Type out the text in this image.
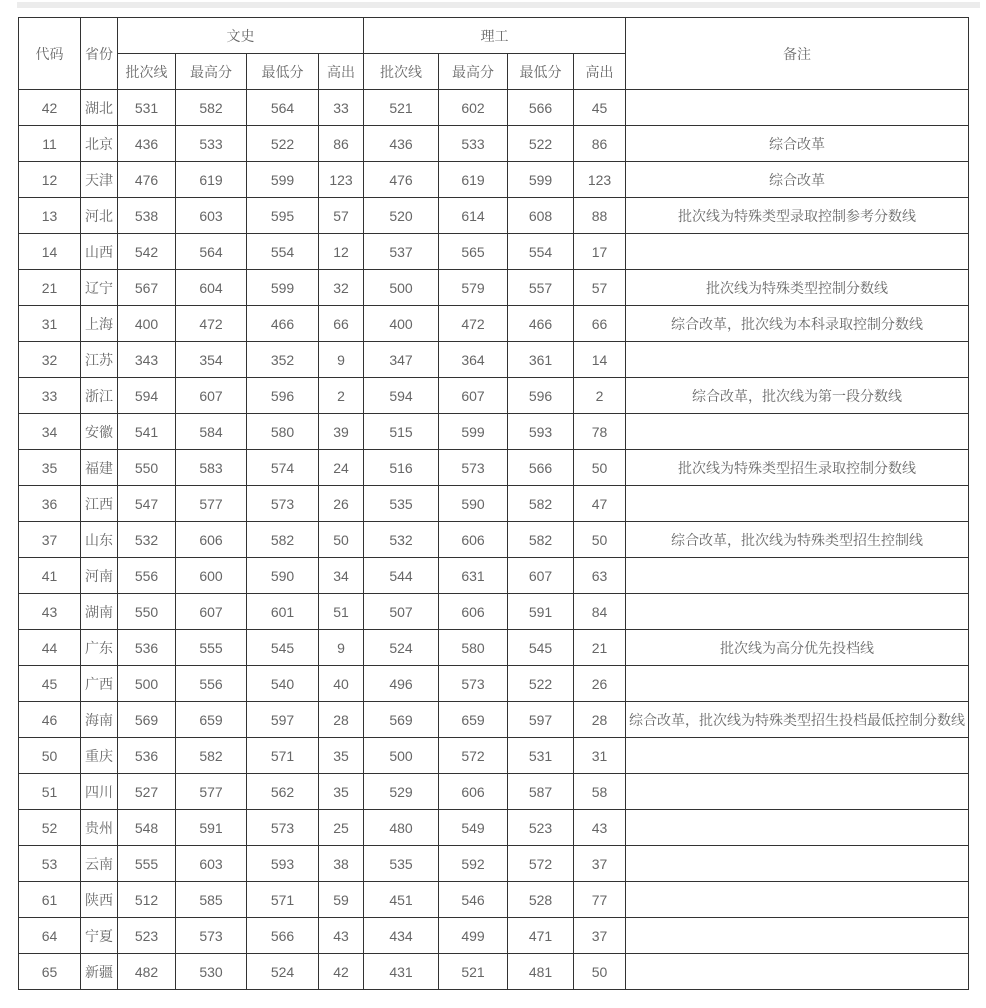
代码	省份	文史				理工				备注
		批次线	最高分	最低分	高出	批次线	最高分	最低分	高出	
42	湖北	531	582	564	33	521	602	566	45	
11	北京	436	533	522	86	436	533	522	86	综合改革
12	天津	476	619	599	123	476	619	599	123	综合改革
13	河北	538	603	595	57	520	614	608	88	批次线为特殊类型录取控制参考分数线
14	山西	542	564	554	12	537	565	554	17	
21	辽宁	567	604	599	32	500	579	557	57	批次线为特殊类型控制分数线
31	上海	400	472	466	66	400	472	466	66	综合改革，批次线为本科录取控制分数线
32	江苏	343	354	352	9	347	364	361	14	
33	浙江	594	607	596	2	594	607	596	2	综合改革，批次线为第一段分数线
34	安徽	541	584	580	39	515	599	593	78	
35	福建	550	583	574	24	516	573	566	50	批次线为特殊类型招生录取控制分数线
36	江西	547	577	573	26	535	590	582	47	
37	山东	532	606	582	50	532	606	582	50	综合改革，批次线为特殊类型招生控制线
41	河南	556	600	590	34	544	631	607	63	
43	湖南	550	607	601	51	507	606	591	84	
44	广东	536	555	545	9	524	580	545	21	批次线为高分优先投档线
45	广西	500	556	540	40	496	573	522	26	
46	海南	569	659	597	28	569	659	597	28	综合改革，批次线为特殊类型招生投档最低控制分数线
50	重庆	536	582	571	35	500	572	531	31	
51	四川	527	577	562	35	529	606	587	58	
52	贵州	548	591	573	25	480	549	523	43	
53	云南	555	603	593	38	535	592	572	37	
61	陕西	512	585	571	59	451	546	528	77	
64	宁夏	523	573	566	43	434	499	471	37	
65	新疆	482	530	524	42	431	521	481	50	
